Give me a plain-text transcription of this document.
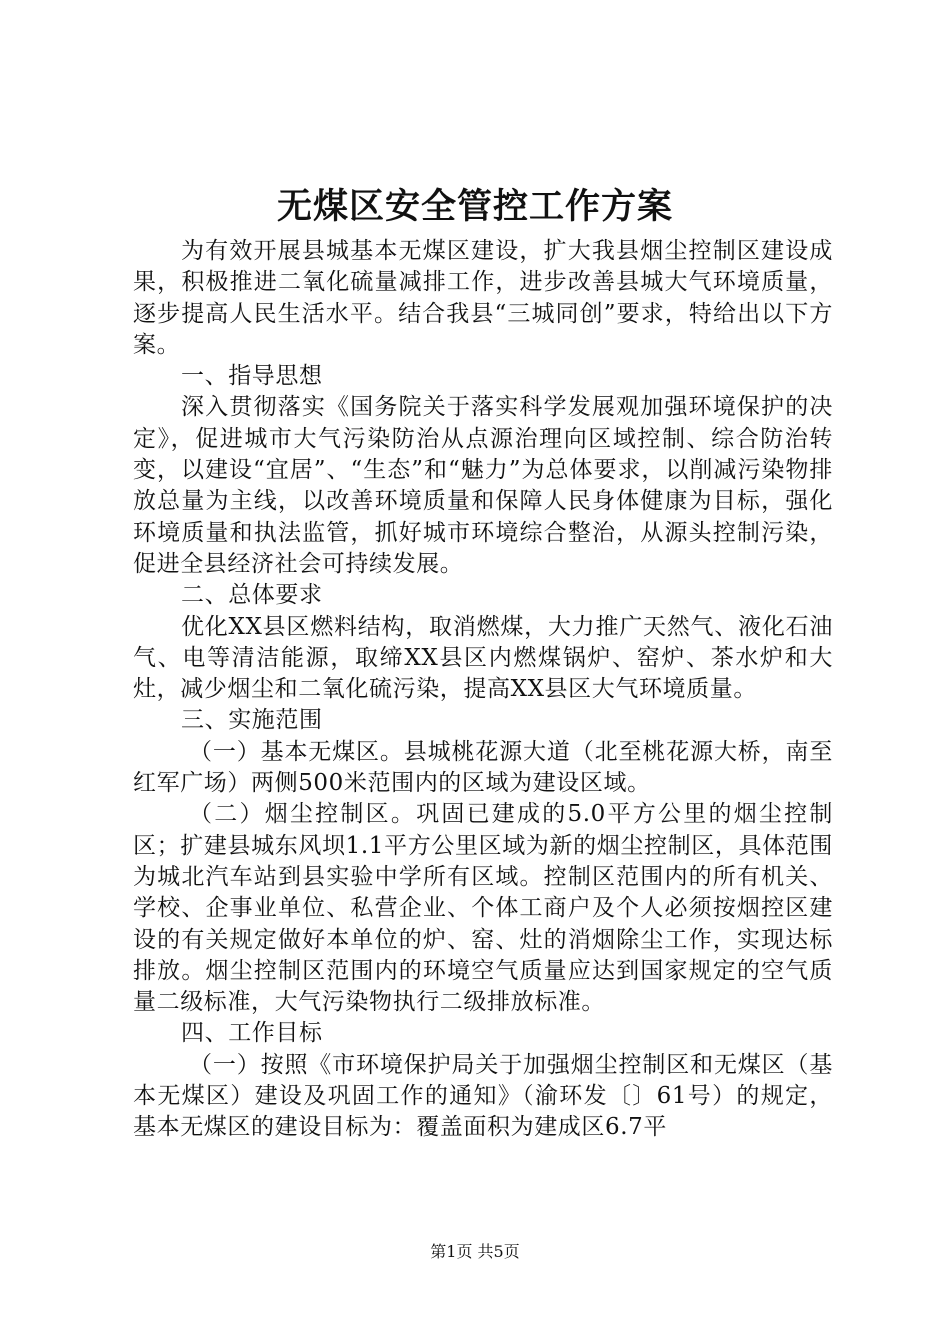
无煤区安全管控工作方案

为有效开展县城基本无煤区建设，扩大我县烟尘控制区建设成果，积极推进二氧化硫量减排工作，进步改善县城大气环境质量，逐步提高人民生活水平。结合我县“三城同创”要求，特给出以下方案。

一、指导思想

深入贯彻落实《国务院关于落实科学发展观加强环境保护的决定》，促进城市大气污染防治从点源治理向区域控制、综合防治转变，以建设“宜居”、“生态”和“魅力”为总体要求，以削减污染物排放总量为主线，以改善环境质量和保障人民身体健康为目标，强化环境质量和执法监管，抓好城市环境综合整治，从源头控制污染，促进全县经济社会可持续发展。

二、总体要求

优化XX县区燃料结构，取消燃煤，大力推广天然气、液化石油气、电等清洁能源，取缔XX县区内燃煤锅炉、窑炉、茶水炉和大灶，减少烟尘和二氧化硫污染，提高XX县区大气环境质量。

三、实施范围

（一）基本无煤区。县城桃花源大道（北至桃花源大桥，南至红军广场）两侧500米范围内的区域为建设区域。

（二）烟尘控制区。巩固已建成的5.0平方公里的烟尘控制区；扩建县城东风坝1.1平方公里区域为新的烟尘控制区，具体范围为城北汽车站到县实验中学所有区域。控制区范围内的所有机关、学校、企事业单位、私营企业、个体工商户及个人必须按烟控区建设的有关规定做好本单位的炉、窑、灶的消烟除尘工作，实现达标排放。烟尘控制区范围内的环境空气质量应达到国家规定的空气质量二级标准，大气污染物执行二级排放标准。

四、工作目标

（一）按照《市环境保护局关于加强烟尘控制区和无煤区（基本无煤区）建设及巩固工作的通知》（渝环发〔〕61号）的规定，基本无煤区的建设目标为：覆盖面积为建成区6.7平

第1页 共5页
